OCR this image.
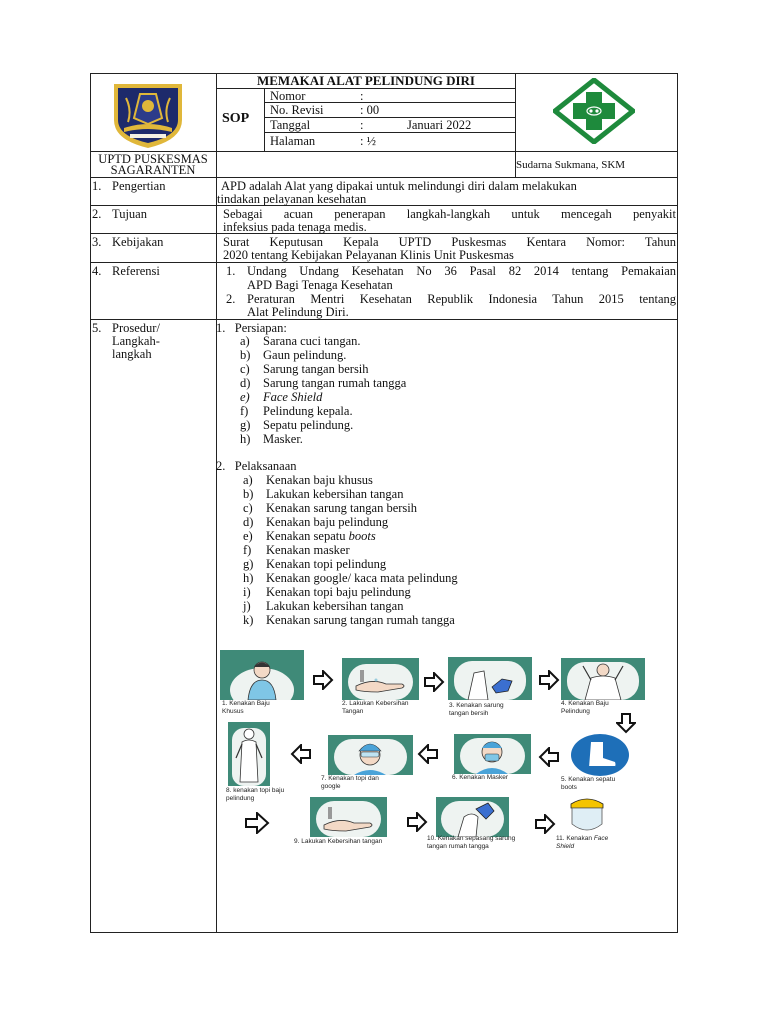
MEMAKAI ALAT PELINDUNG DIRI
SOP
Nomor	:
No. Revisi	: 00
Tanggal	:	Januari 2022
Halaman	: ½
UPTD PUSKESMAS
SAGARANTEN	Sudarna Sukmana, SKM
1. Pengertian	APD adalah Alat yang dipakai untuk melindungi diri dalam melakukan
tindakan pelayanan kesehatan
2. Tujuan	Sebagai acuan penerapan langkah-langkah untuk mencegah penyakit
infeksius pada tenaga medis.
3. Kebijakan	Surat Keputusan Kepala UPTD Puskesmas Kentara Nomor: Tahun
2020 tentang Kebijakan Pelayanan Klinis Unit Puskesmas
4. Referensi	1. Undang Undang Kesehatan No 36 Pasal 82 2014 tentang Pemakaian
APD Bagi Tenaga Kesehatan
2. Peraturan Mentri Kesehatan Republik Indonesia Tahun 2015 tentang
Alat Pelindung Diri.
5. Prosedur/
Langkah-
langkah
1.   Persiapan:
a) Sarana cuci tangan.
b) Gaun pelindung.
c) Sarung tangan bersih
d) Sarung tangan rumah tangga
e) Face Shield
f) Pelindung kepala.
g) Sepatu pelindung.
h) Masker.
2.   Pelaksanaan
a) Kenakan baju khusus
b) Lakukan kebersihan tangan
c) Kenakan sarung tangan bersih
d) Kenakan baju pelindung
e) Kenakan sepatu boots
f) Kenakan masker
g) Kenakan topi pelindung
h) Kenakan google/ kaca mata pelindung
i) Kenakan topi baju pelindung
j) Lakukan kebersihan tangan
k) Kenakan sarung tangan rumah tangga
1. Kenakan Baju
Khusus
2. Lakukan Kebersihan
Tangan
3. Kenakan sarung
tangan bersih
4. Kenakan Baju
Pelindung
5. Kenakan sepatu
boots
6. Kenakan Masker
7. Kenakan topi dan
google
8. kenakan topi baju
pelindung
9. Lakukan Kebersihan tangan	10. Kenakan sepasang sarung
tangan rumah tangga
11. Kenakan Face
Shield
